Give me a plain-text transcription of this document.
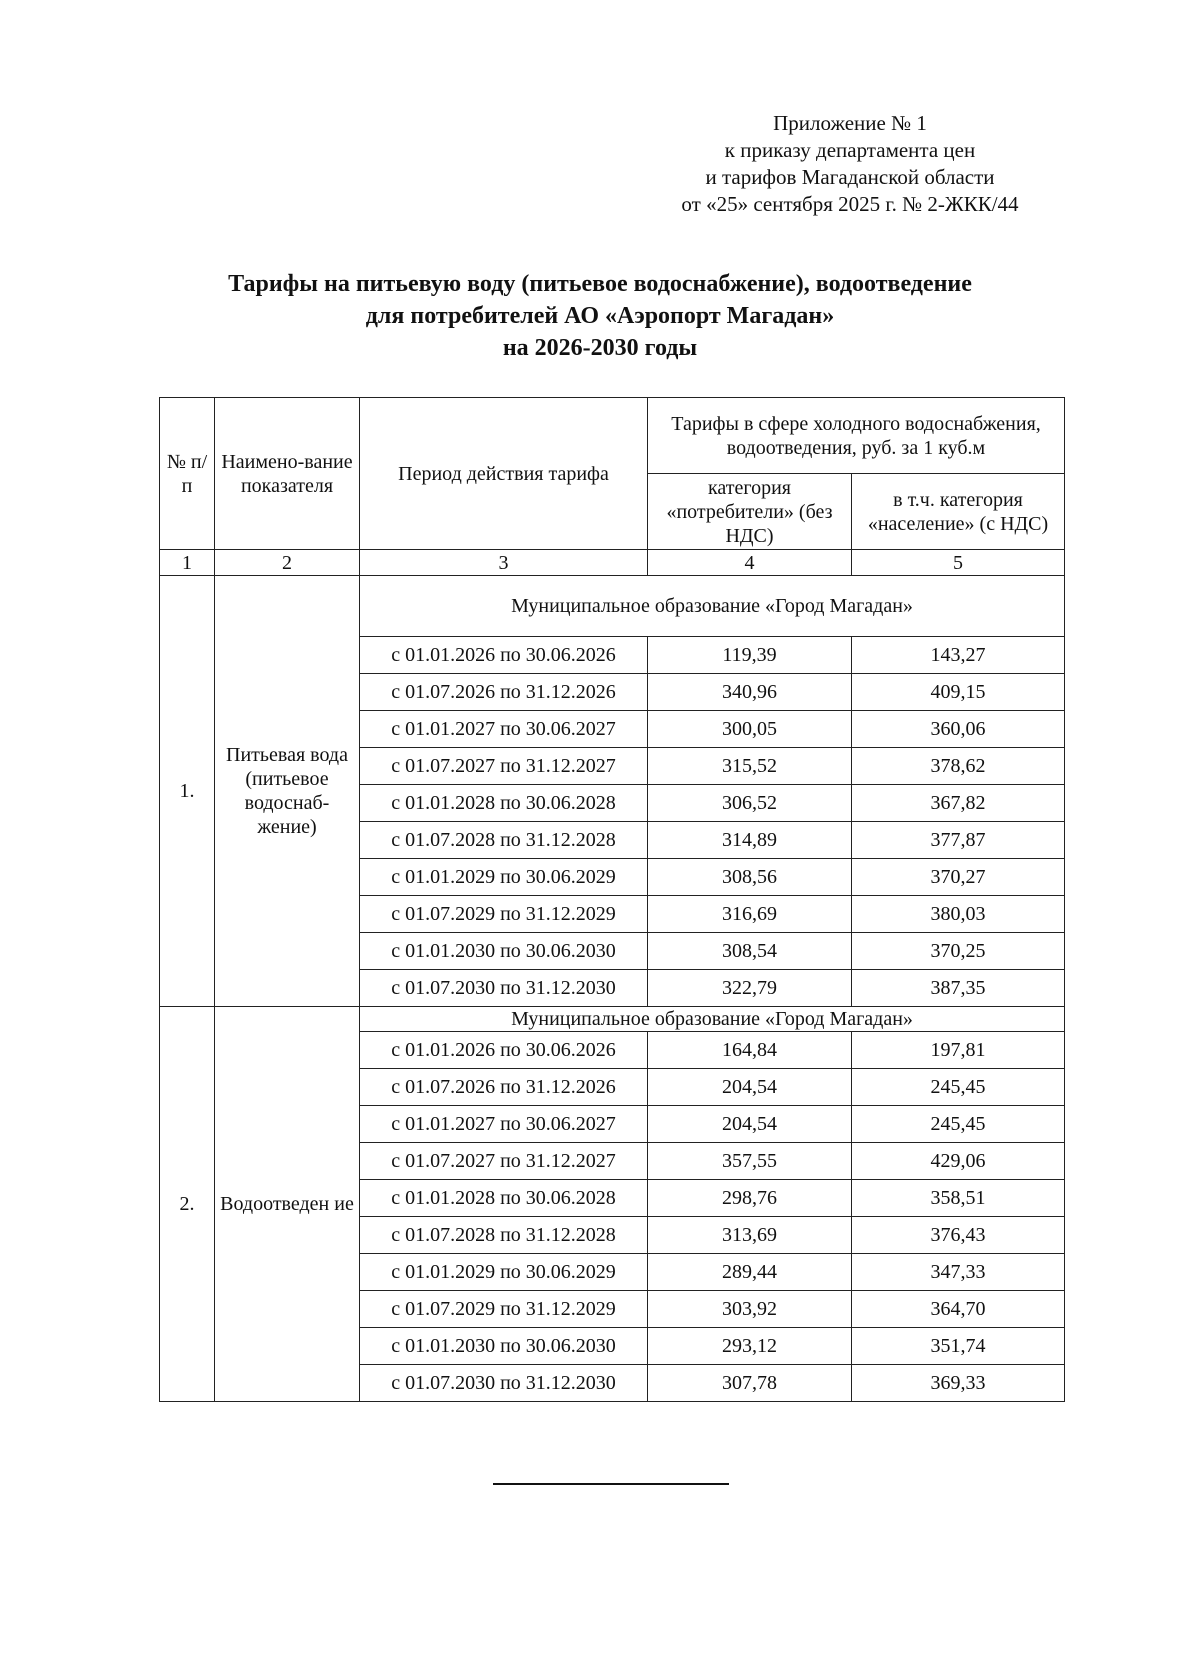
Приложение № 1
к приказу департамента цен
и тарифов Магаданской области
от «25» сентября 2025 г. № 2-ЖКК/44
Тарифы на питьевую воду (питьевое водоснабжение), водоотведение
для потребителей АО «Аэропорт Магадан»
на 2026-2030 годы
№ п/п	Наимено-вание показателя	Период действия тарифа	Тарифы в сфере холодного водоснабжения, водоотведения, руб. за 1 куб.м	
			категория «потребители» (без НДС)	в т.ч. категория «население» (с НДС)
1	2	3	4	5
1.	Питьевая вода (питьевое водоснаб-жение)	Муниципальное образование «Город Магадан»		
		с 01.01.2026 по 30.06.2026	119,39	143,27
		с 01.07.2026 по 31.12.2026	340,96	409,15
		с 01.01.2027 по 30.06.2027	300,05	360,06
		с 01.07.2027 по 31.12.2027	315,52	378,62
		с 01.01.2028 по 30.06.2028	306,52	367,82
		с 01.07.2028 по 31.12.2028	314,89	377,87
		с 01.01.2029 по 30.06.2029	308,56	370,27
		с 01.07.2029 по 31.12.2029	316,69	380,03
		с 01.01.2030 по 30.06.2030	308,54	370,25
		с 01.07.2030 по 31.12.2030	322,79	387,35
2.	Водоотведен ие	Муниципальное образование «Город Магадан»		
		с 01.01.2026 по 30.06.2026	164,84	197,81
		с 01.07.2026 по 31.12.2026	204,54	245,45
		с 01.01.2027 по 30.06.2027	204,54	245,45
		с 01.07.2027 по 31.12.2027	357,55	429,06
		с 01.01.2028 по 30.06.2028	298,76	358,51
		с 01.07.2028 по 31.12.2028	313,69	376,43
		с 01.01.2029 по 30.06.2029	289,44	347,33
		с 01.07.2029 по 31.12.2029	303,92	364,70
		с 01.01.2030 по 30.06.2030	293,12	351,74
		с 01.07.2030 по 31.12.2030	307,78	369,33
